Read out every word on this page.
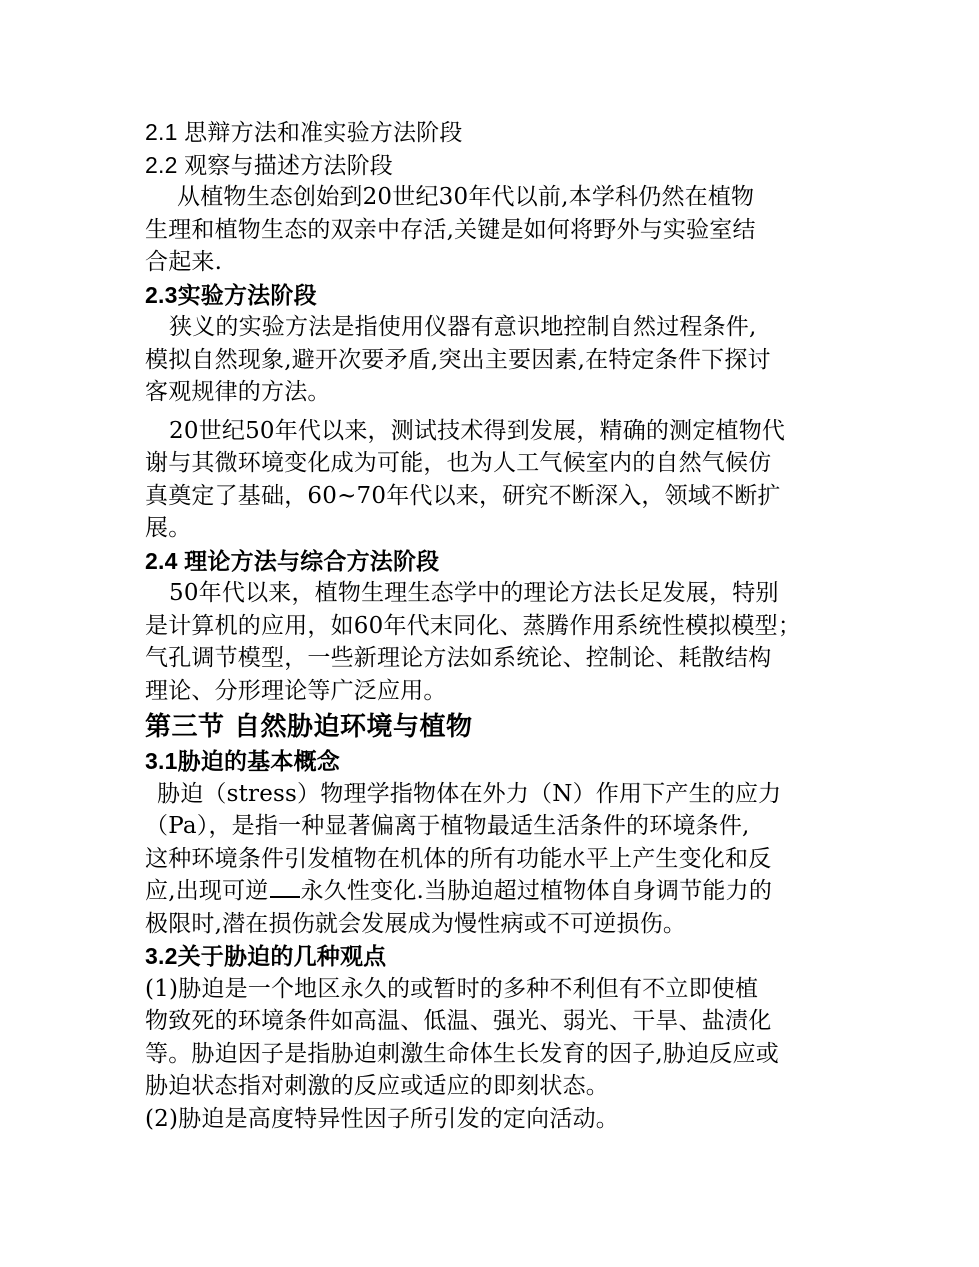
2.1 思辩方法和准实验方法阶段
2.2 观察与描述方法阶段
从植物生态创始到20世纪30年代以前,本学科仍然在植物
生理和植物生态的双亲中存活,关键是如何将野外与实验室结
合起来.
2.3实验方法阶段
狭义的实验方法是指使用仪器有意识地控制自然过程条件,
模拟自然现象,避开次要矛盾,突出主要因素,在特定条件下探讨
客观规律的方法。
20世纪50年代以来，测试技术得到发展，精确的测定植物代
谢与其微环境变化成为可能，也为人工气候室内的自然气候仿
真奠定了基础，60~70年代以来，研究不断深入，领域不断扩
展。
2.4 理论方法与综合方法阶段
50年代以来，植物生理生态学中的理论方法长足发展，特别
是计算机的应用，如60年代末同化、蒸腾作用系统性模拟模型；
气孔调节模型，一些新理论方法如系统论、控制论、耗散结构
理论、分形理论等广泛应用。
第三节 自然胁迫环境与植物
3.1胁迫的基本概念
胁迫（stress）物理学指物体在外力（N）作用下产生的应力
（Pa），是指一种显著偏离于植物最适生活条件的环境条件,
这种环境条件引发植物在机体的所有功能水平上产生变化和反
应,出现可逆 永久性变化.当胁迫超过植物体自身调节能力的
极限时,潜在损伤就会发展成为慢性病或不可逆损伤。
3.2关于胁迫的几种观点
(1)胁迫是一个地区永久的或暂时的多种不利但有不立即使植
物致死的环境条件如高温、低温、强光、弱光、干旱、盐渍化
等。胁迫因子是指胁迫刺激生命体生长发育的因子,胁迫反应或
胁迫状态指对刺激的反应或适应的即刻状态。
(2)胁迫是高度特异性因子所引发的定向活动。
